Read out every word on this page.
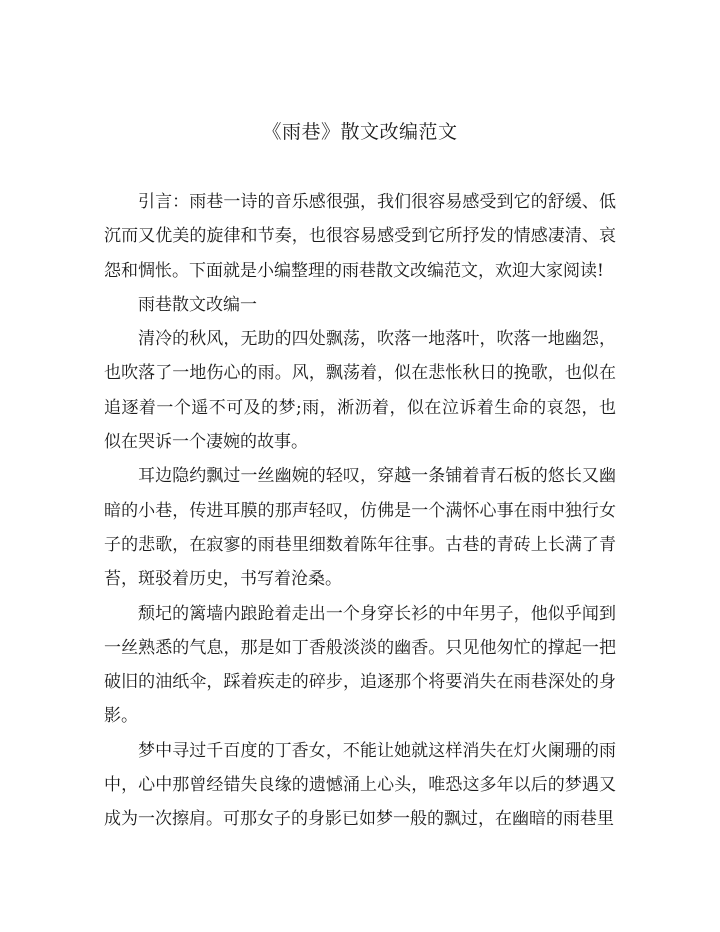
《雨巷》散文改编范文

引言：雨巷一诗的音乐感很强，我们很容易感受到它的舒缓、低沉而又优美的旋律和节奏，也很容易感受到它所抒发的情感凄清、哀怨和惆怅。下面就是小编整理的雨巷散文改编范文，欢迎大家阅读!

雨巷散文改编一

清冷的秋风，无助的四处飘荡，吹落一地落叶，吹落一地幽怨，也吹落了一地伤心的雨。风，飘荡着，似在悲怅秋日的挽歌，也似在追逐着一个遥不可及的梦;雨，淅沥着，似在泣诉着生命的哀怨，也似在哭诉一个凄婉的故事。

耳边隐约飘过一丝幽婉的轻叹，穿越一条铺着青石板的悠长又幽暗的小巷，传进耳膜的那声轻叹，仿佛是一个满怀心事在雨中独行女子的悲歌，在寂寥的雨巷里细数着陈年往事。古巷的青砖上长满了青苔，斑驳着历史，书写着沧桑。

颓圮的篱墙内踉跄着走出一个身穿长衫的中年男子，他似乎闻到一丝熟悉的气息，那是如丁香般淡淡的幽香。只见他匆忙的撑起一把破旧的油纸伞，踩着疾走的碎步，追逐那个将要消失在雨巷深处的身影。

梦中寻过千百度的丁香女，不能让她就这样消失在灯火阑珊的雨中，心中那曾经错失良缘的遗憾涌上心头，唯恐这多年以后的梦遇又成为一次擦肩。可那女子的身影已如梦一般的飘过，在幽暗的雨巷里
